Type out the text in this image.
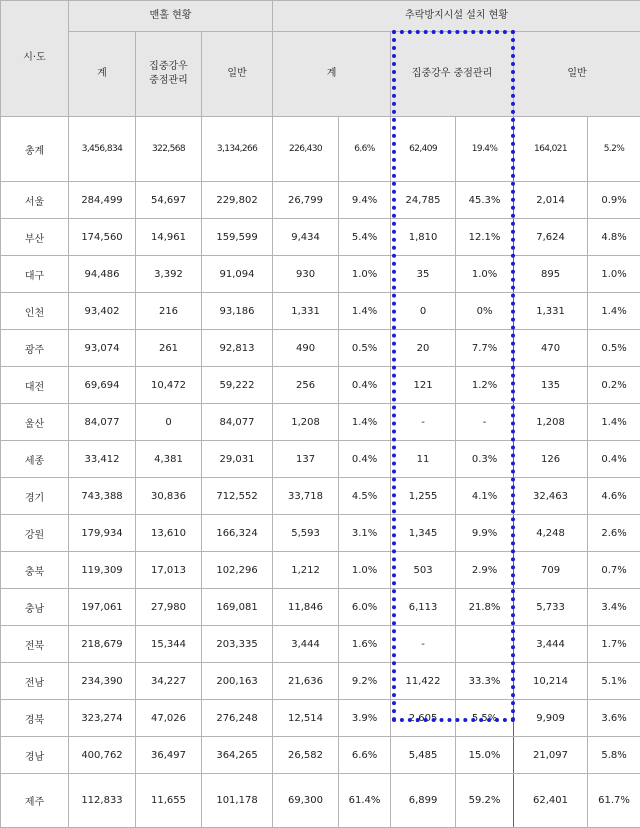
시·도	맨홀 현황			추락방지시설 설치 현황					
	계	집중강우 중점관리	일반	계		집중강우 중점관리		일반	
총계	3,456,834	322,568	3,134,266	226,430	6.6%	62,409	19.4%	164,021	5.2%
서울	284,499	54,697	229,802	26,799	9.4%	24,785	45.3%	2,014	0.9%
부산	174,560	14,961	159,599	9,434	5.4%	1,810	12.1%	7,624	4.8%
대구	94,486	3,392	91,094	930	1.0%	35	1.0%	895	1.0%
인천	93,402	216	93,186	1,331	1.4%	0	0%	1,331	1.4%
광주	93,074	261	92,813	490	0.5%	20	7.7%	470	0.5%
대전	69,694	10,472	59,222	256	0.4%	121	1.2%	135	0.2%
울산	84,077	0	84,077	1,208	1.4%	-	-	1,208	1.4%
세종	33,412	4,381	29,031	137	0.4%	11	0.3%	126	0.4%
경기	743,388	30,836	712,552	33,718	4.5%	1,255	4.1%	32,463	4.6%
강원	179,934	13,610	166,324	5,593	3.1%	1,345	9.9%	4,248	2.6%
충북	119,309	17,013	102,296	1,212	1.0%	503	2.9%	709	0.7%
충남	197,061	27,980	169,081	11,846	6.0%	6,113	21.8%	5,733	3.4%
전북	218,679	15,344	203,335	3,444	1.6%	-		3,444	1.7%
전남	234,390	34,227	200,163	21,636	9.2%	11,422	33.3%	10,214	5.1%
경북	323,274	47,026	276,248	12,514	3.9%	2,605	5.5%	9,909	3.6%
경남	400,762	36,497	364,265	26,582	6.6%	5,485	15.0%	21,097	5.8%
제주	112,833	11,655	101,178	69,300	61.4%	6,899	59.2%	62,401	61.7%
